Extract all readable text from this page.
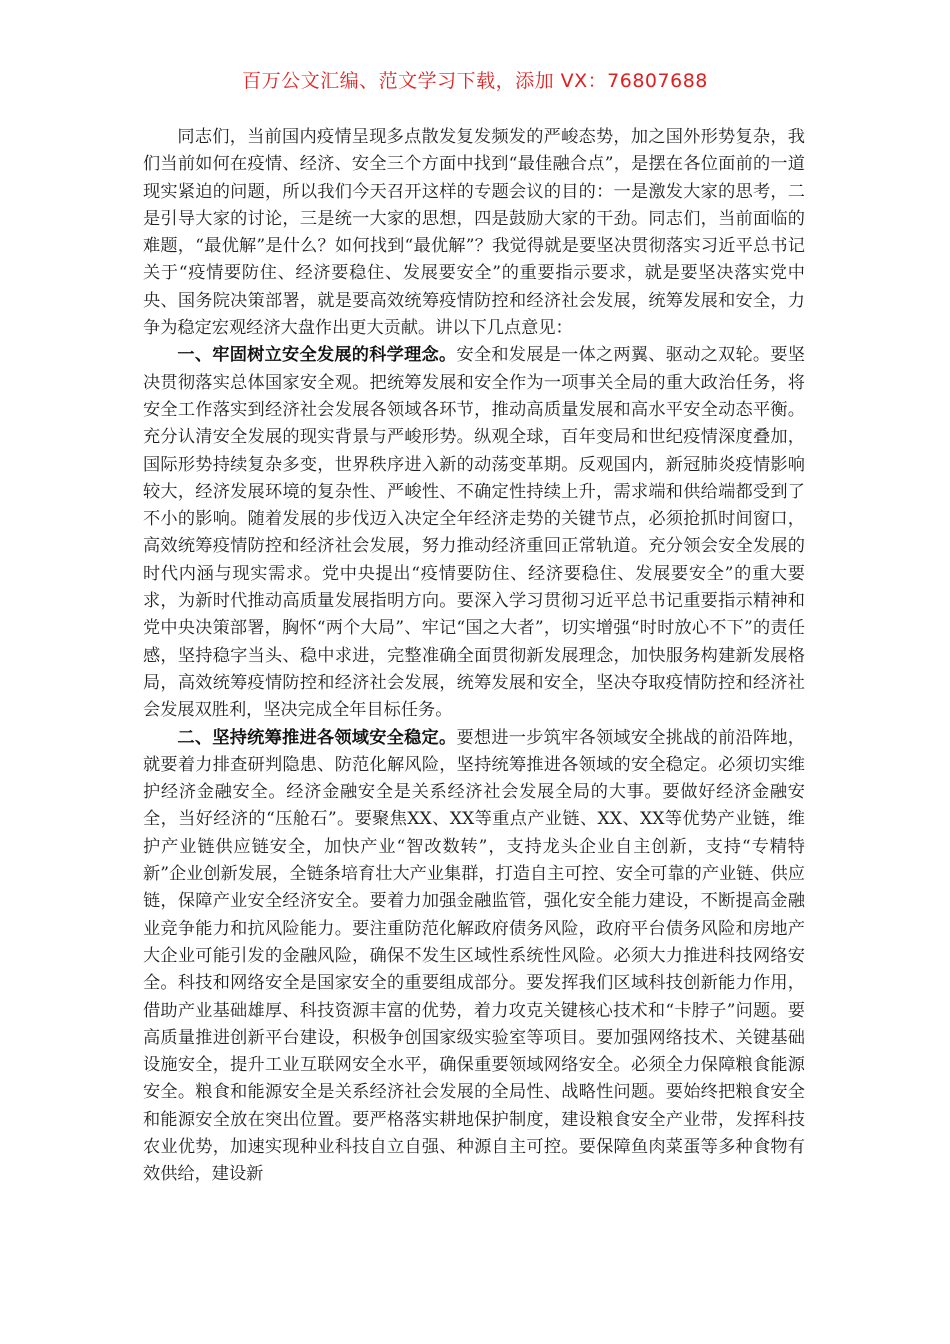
百万公文汇编、范文学习下载，添加 VX：76807688

同志们，当前国内疫情呈现多点散发复发频发的严峻态势，加之国外形势复杂，我们当前如何在疫情、经济、安全三个方面中找到“最佳融合点”，是摆在各位面前的一道现实紧迫的问题，所以我们今天召开这样的专题会议的目的：一是激发大家的思考，二是引导大家的讨论，三是统一大家的思想，四是鼓励大家的干劲。同志们，当前面临的难题，“最优解”是什么？如何找到“最优解”？我觉得就是要坚决贯彻落实习近平总书记关于“疫情要防住、经济要稳住、发展要安全”的重要指示要求，就是要坚决落实党中央、国务院决策部署，就是要高效统筹疫情防控和经济社会发展，统筹发展和安全，力争为稳定宏观经济大盘作出更大贡献。讲以下几点意见：

一、牢固树立安全发展的科学理念。安全和发展是一体之两翼、驱动之双轮。要坚决贯彻落实总体国家安全观。把统筹发展和安全作为一项事关全局的重大政治任务，将安全工作落实到经济社会发展各领域各环节，推动高质量发展和高水平安全动态平衡。充分认清安全发展的现实背景与严峻形势。纵观全球，百年变局和世纪疫情深度叠加，国际形势持续复杂多变，世界秩序进入新的动荡变革期。反观国内，新冠肺炎疫情影响较大，经济发展环境的复杂性、严峻性、不确定性持续上升，需求端和供给端都受到了不小的影响。随着发展的步伐迈入决定全年经济走势的关键节点，必须抢抓时间窗口，高效统筹疫情防控和经济社会发展，努力推动经济重回正常轨道。充分领会安全发展的时代内涵与现实需求。党中央提出“疫情要防住、经济要稳住、发展要安全”的重大要求，为新时代推动高质量发展指明方向。要深入学习贯彻习近平总书记重要指示精神和党中央决策部署，胸怀“两个大局”、牢记“国之大者”，切实增强“时时放心不下”的责任感，坚持稳字当头、稳中求进，完整准确全面贯彻新发展理念，加快服务构建新发展格局，高效统筹疫情防控和经济社会发展，统筹发展和安全，坚决夺取疫情防控和经济社会发展双胜利，坚决完成全年目标任务。

二、坚持统筹推进各领域安全稳定。要想进一步筑牢各领域安全挑战的前沿阵地，就要着力排查研判隐患、防范化解风险，坚持统筹推进各领域的安全稳定。必须切实维护经济金融安全。经济金融安全是关系经济社会发展全局的大事。要做好经济金融安全，当好经济的“压舱石”。要聚焦XX、XX等重点产业链、XX、XX等优势产业链，维护产业链供应链安全，加快产业“智改数转”，支持龙头企业自主创新，支持“专精特新”企业创新发展，全链条培育壮大产业集群，打造自主可控、安全可靠的产业链、供应链，保障产业安全经济安全。要着力加强金融监管，强化安全能力建设，不断提高金融业竞争能力和抗风险能力。要注重防范化解政府债务风险，政府平台债务风险和房地产大企业可能引发的金融风险，确保不发生区域性系统性风险。必须大力推进科技网络安全。科技和网络安全是国家安全的重要组成部分。要发挥我们区域科技创新能力作用，借助产业基础雄厚、科技资源丰富的优势，着力攻克关键核心技术和“卡脖子”问题。要高质量推进创新平台建设，积极争创国家级实验室等项目。要加强网络技术、关键基础设施安全，提升工业互联网安全水平，确保重要领域网络安全。必须全力保障粮食能源安全。粮食和能源安全是关系经济社会发展的全局性、战略性问题。要始终把粮食安全和能源安全放在突出位置。要严格落实耕地保护制度，建设粮食安全产业带，发挥科技农业优势，加速实现种业科技自立自强、种源自主可控。要保障鱼肉菜蛋等多种食物有效供给，建设新
